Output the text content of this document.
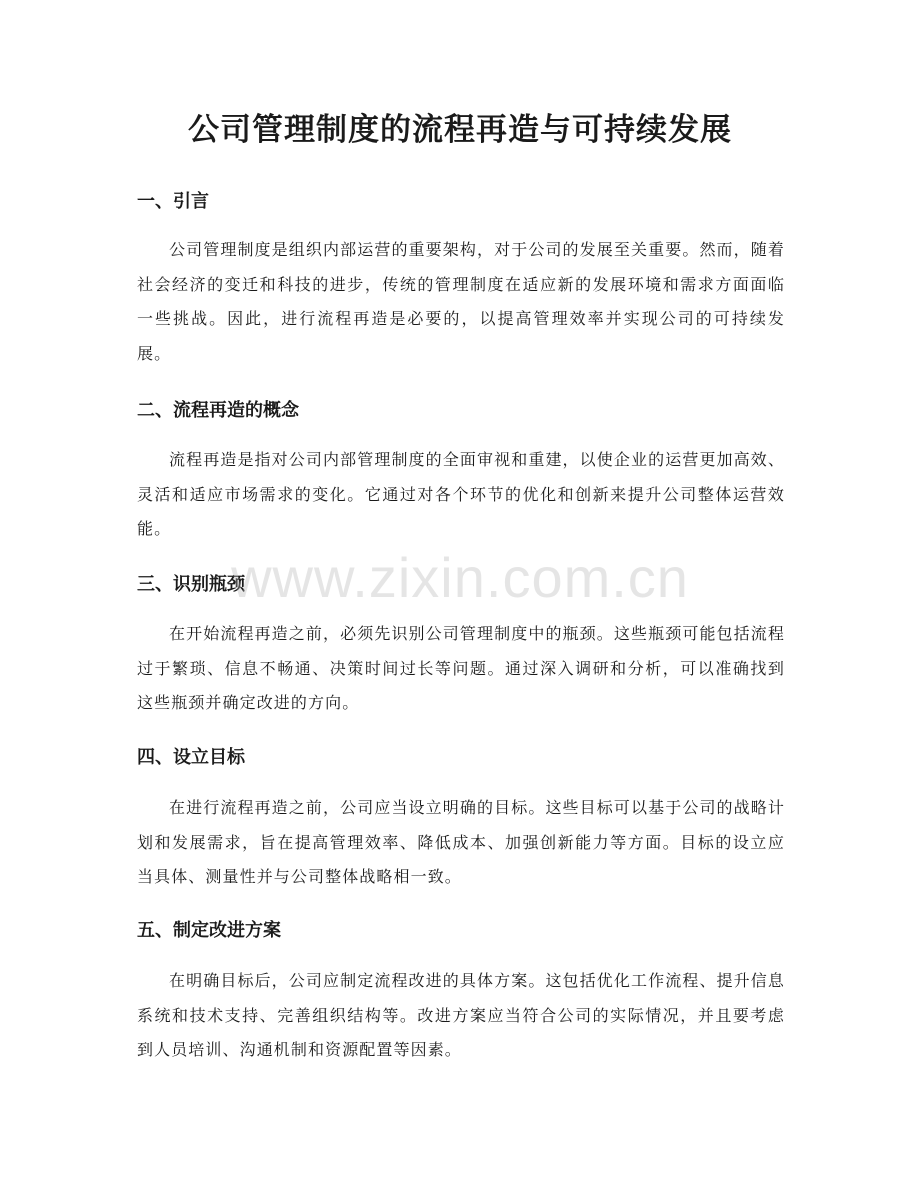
公司管理制度的流程再造与可持续发展
一、引言
公司管理制度是组织内部运营的重要架构，对于公司的发展至关重要。然而，随着社会经济的变迁和科技的进步，传统的管理制度在适应新的发展环境和需求方面面临一些挑战。因此，进行流程再造是必要的，以提高管理效率并实现公司的可持续发展。
二、流程再造的概念
流程再造是指对公司内部管理制度的全面审视和重建，以使企业的运营更加高效、灵活和适应市场需求的变化。它通过对各个环节的优化和创新来提升公司整体运营效能。
三、识别瓶颈
在开始流程再造之前，必须先识别公司管理制度中的瓶颈。这些瓶颈可能包括流程过于繁琐、信息不畅通、决策时间过长等问题。通过深入调研和分析，可以准确找到这些瓶颈并确定改进的方向。
四、设立目标
在进行流程再造之前，公司应当设立明确的目标。这些目标可以基于公司的战略计划和发展需求，旨在提高管理效率、降低成本、加强创新能力等方面。目标的设立应当具体、测量性并与公司整体战略相一致。
五、制定改进方案
在明确目标后，公司应制定流程改进的具体方案。这包括优化工作流程、提升信息系统和技术支持、完善组织结构等。改进方案应当符合公司的实际情况，并且要考虑到人员培训、沟通机制和资源配置等因素。
www.zixin.com.cn
